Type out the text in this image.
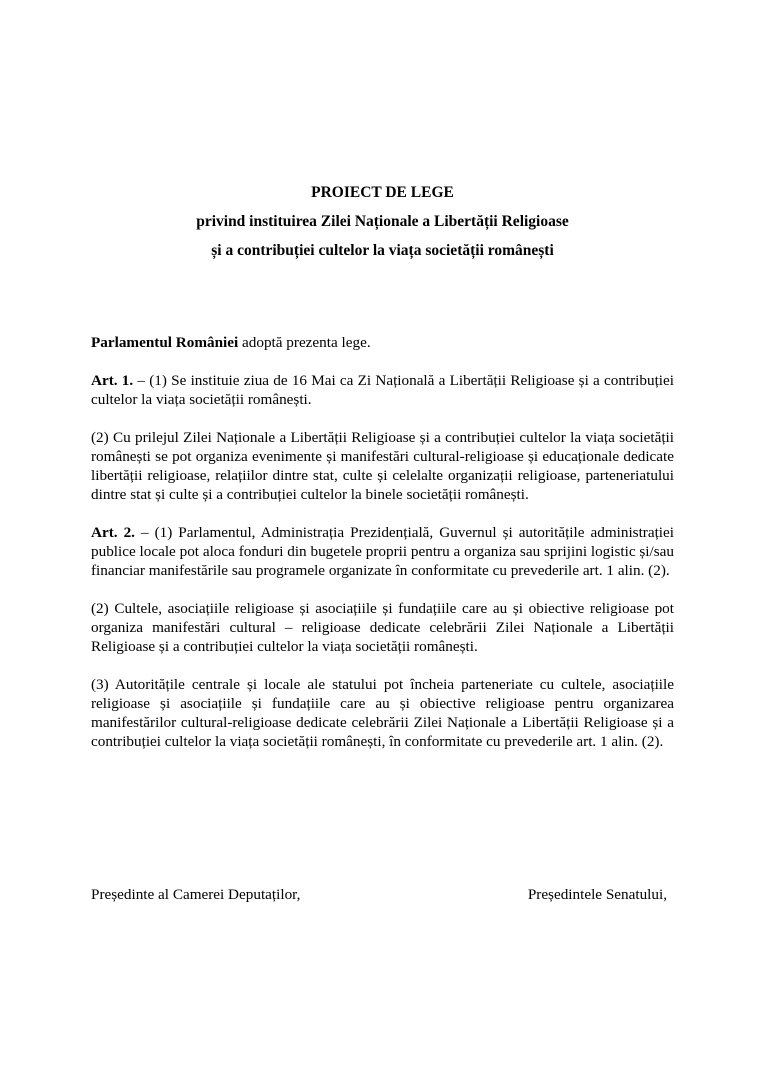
PROIECT DE LEGE
privind instituirea Zilei Naționale a Libertății Religioase
și a contribuției cultelor la viața societății românești

Parlamentul României adoptă prezenta lege.

Art. 1. – (1) Se instituie ziua de 16 Mai ca Zi Națională a Libertății Religioase și a contribuției cultelor la viața societății românești.

(2) Cu prilejul Zilei Naționale a Libertății Religioase și a contribuției cultelor la viața societății românești se pot organiza evenimente și manifestări cultural-religioase și educaționale dedicate libertății religioase, relațiilor dintre stat, culte și celelalte organizații religioase, parteneriatului dintre stat și culte și a contribuției cultelor la binele societății românești.

Art. 2. – (1) Parlamentul, Administrația Prezidențială, Guvernul și autoritățile administrației publice locale pot aloca fonduri din bugetele proprii pentru a organiza sau sprijini logistic și/sau financiar manifestările sau programele organizate în conformitate cu prevederile art. 1 alin. (2).

(2) Cultele, asociațiile religioase și asociațiile și fundațiile care au și obiective religioase pot organiza manifestări cultural – religioase dedicate celebrării Zilei Naționale a Libertății Religioase și a contribuției cultelor la viața societății românești.

(3) Autoritățile centrale și locale ale statului pot încheia parteneriate cu cultele, asociațiile religioase și asociațiile și fundațiile care au și obiective religioase pentru organizarea manifestărilor cultural-religioase dedicate celebrării Zilei Naționale a Libertății Religioase și a contribuției cultelor la viața societății românești, în conformitate cu prevederile art. 1 alin. (2).

Președinte al Camerei Deputaților,	Președintele Senatului,
